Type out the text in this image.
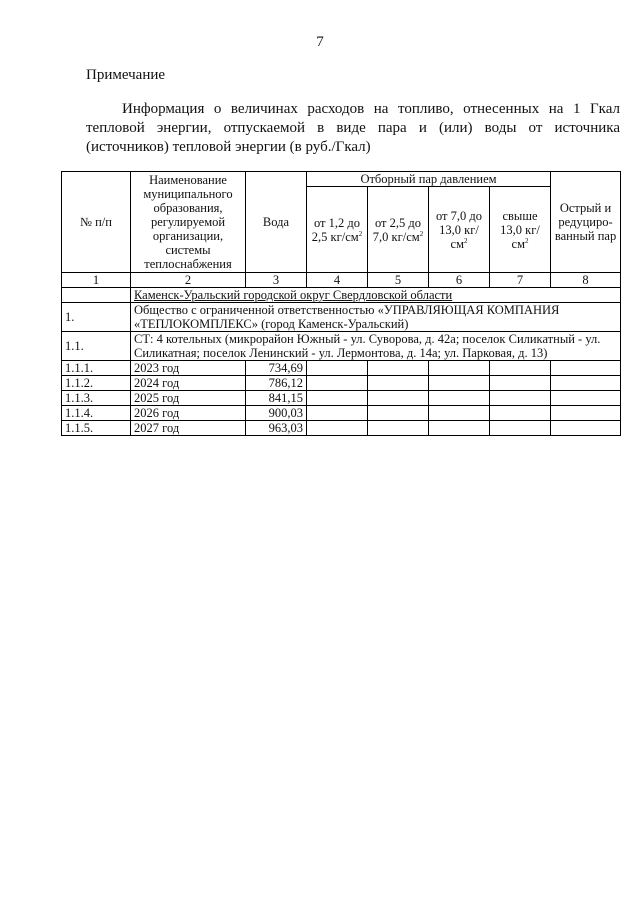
7
Примечание
Информация о величинах расходов на топливо, отнесенных на 1 Гкал тепловой энергии, отпускаемой в виде пара и (или) воды от источника (источников) тепловой энергии (в руб./Гкал)
№ п/п	Наименование муниципального образования, регулируемой организации, системы теплоснабжения	Вода	Отборный пар давлением				Острый и редуциро-ванный пар
			от 1,2 до 2,5 $кг/см^2$	от 2,5 до 7,0 $кг/см^2$	от 7,0 до 13,0 $кг/см^2$	свыше 13,0 $кг/см^2$
1	2	3	4	5	6	7	8
	Каменск-Уральский городской округ Свердловской области						
1.	Общество с ограниченной ответственностью «УПРАВЛЯЮЩАЯ КОМПАНИЯ «ТЕПЛОКОМПЛЕКС» (город Каменск-Уральский)						
1.1.	СТ: 4 котельных (микрорайон Южный - ул. Суворова, д. 42а; поселок Силикатный - ул. Силикатная; поселок Ленинский - ул. Лермонтова, д. 14а; ул. Парковая, д. 13)						
1.1.1.	2023 год	734,69					
1.1.2.	2024 год	786,12					
1.1.3.	2025 год	841,15					
1.1.4.	2026 год	900,03					
1.1.5.	2027 год	963,03					
